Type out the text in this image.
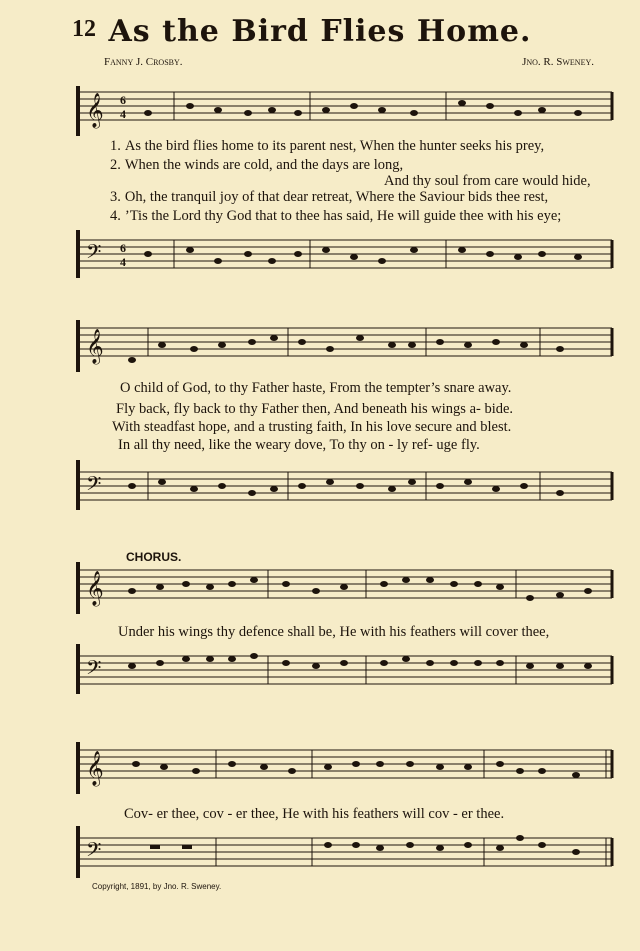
12 As the Bird Flies Home.
Fanny J. Crosby.	Jno. R. Sweney.
𝄞 6
4
1. As the bird flies home to its parent nest, When the hunter seeks his prey,
2. When the winds are cold, and the days are long,
And thy soul from care would hide,
3. Oh, the tranquil joy of that dear retreat, Where the Saviour bids thee rest,
4. ’Tis the Lord thy God that to thee has said, He will guide thee with his eye;
𝄢 6
4
𝄞
O child of God, to thy Father haste, From the tempter’s snare away.
Fly back, fly back to thy Father then, And beneath his wings a- bide.
With steadfast hope, and a trusting faith, In his love secure and blest.
In all thy need, like the weary dove, To thy on - ly ref- uge fly.
𝄢
CHORUS.
𝄞
Under his wings thy defence shall be, He with his feathers will cover thee,
𝄢
𝄞
Cov- er thee, cov - er thee, He with his feathers will cov - er thee.
𝄢
Copyright, 1891, by Jno. R. Sweney.
